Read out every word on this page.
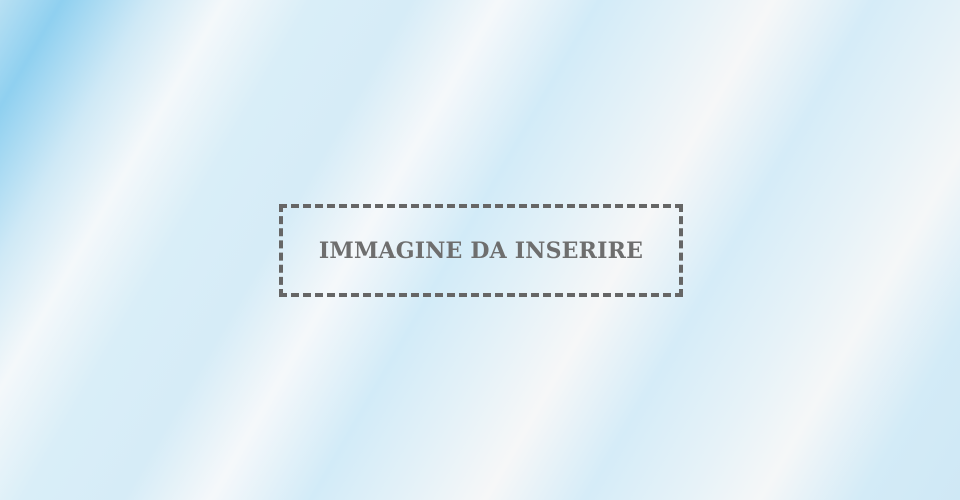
IMMAGINE DA INSERIRE
